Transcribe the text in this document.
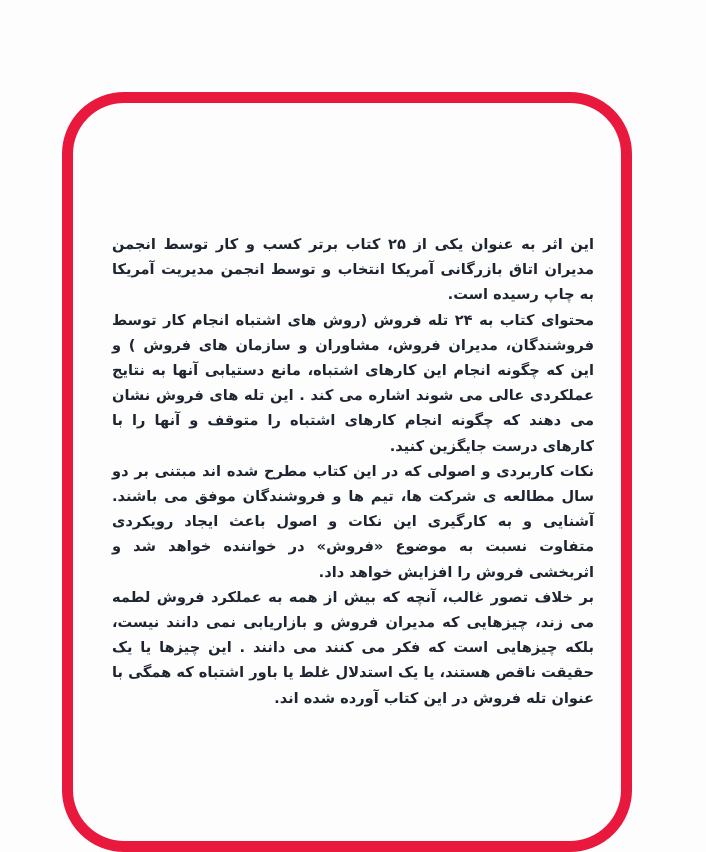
این اثر به عنوان یکی از ۲۵ کتاب برتر کسب و کار توسط انجمن مدیران اتاق بازرگانی آمریکا انتخاب و توسط انجمن مدیریت آمریکا به چاپ رسیده است.

محتوای کتاب به ۲۴ تله فروش (روش های اشتباه انجام کار توسط فروشندگان، مدیران فروش، مشاوران و سازمان های فروش ) و این که چگونه انجام این کارهای اشتباه، مانع دستیابی آنها به نتایج عملکردی عالی می شوند اشاره می کند . این تله های فروش نشان می دهند که چگونه انجام کارهای اشتباه را متوقف و آنها را با کارهای درست جایگزین کنید.

نکات کاربردی و اصولی که در این کتاب مطرح شده اند مبتنی بر دو سال مطالعه ی شرکت ها، تیم ها و فروشندگان موفق می باشند. آشنایی و به کارگیری این نکات و اصول باعث ایجاد رویکردی متفاوت نسبت به موضوع «فروش» در خواننده خواهد شد و اثربخشی فروش را افزایش خواهد داد.

بر خلاف تصور غالب، آنچه که بیش از همه به عملکرد فروش لطمه می زند، چیزهایی که مدیران فروش و بازاریابی نمی دانند نیست، بلکه چیزهایی است که فکر می کنند می دانند . این چیزها یا یک حقیقت ناقص هستند، یا یک استدلال غلط یا باور اشتباه که همگی با عنوان تله فروش در این کتاب آورده شده اند.
